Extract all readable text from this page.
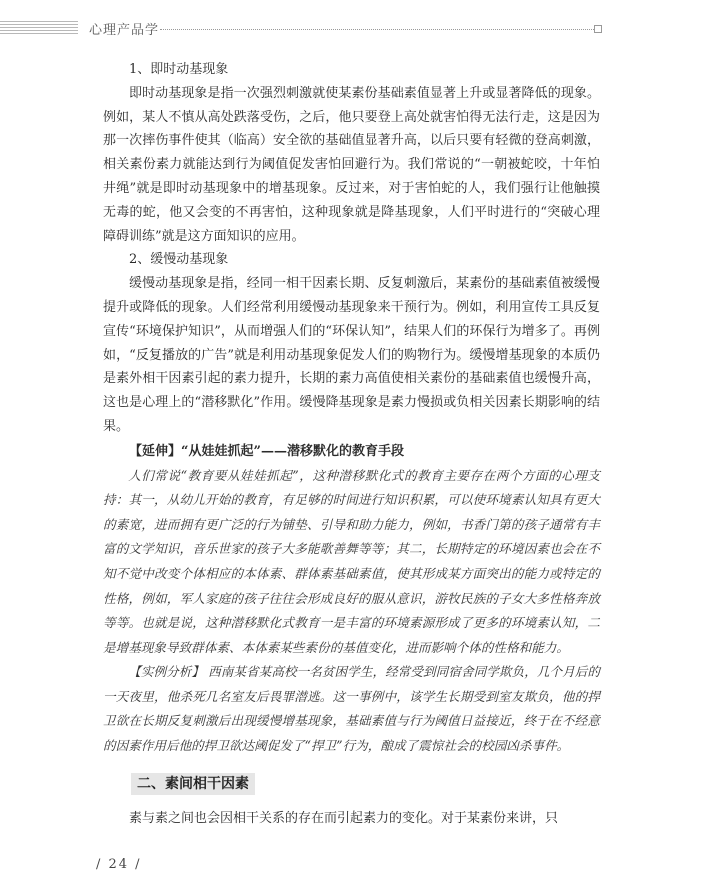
心理产品学

1、即时动基现象

即时动基现象是指一次强烈刺激就使某素份基础素值显著上升或显著降低的现象。例如，某人不慎从高处跌落受伤，之后，他只要登上高处就害怕得无法行走，这是因为那一次摔伤事件使其（临高）安全欲的基础值显著升高，以后只要有轻微的登高刺激，相关素份素力就能达到行为阈值促发害怕回避行为。我们常说的“一朝被蛇咬，十年怕井绳”就是即时动基现象中的增基现象。反过来，对于害怕蛇的人，我们强行让他触摸无毒的蛇，他又会变的不再害怕，这种现象就是降基现象，人们平时进行的“突破心理障碍训练”就是这方面知识的应用。

2、缓慢动基现象

缓慢动基现象是指，经同一相干因素长期、反复刺激后，某素份的基础素值被缓慢提升或降低的现象。人们经常利用缓慢动基现象来干预行为。例如，利用宣传工具反复宣传“环境保护知识”，从而增强人们的“环保认知”，结果人们的环保行为增多了。再例如，“反复播放的广告”就是利用动基现象促发人们的购物行为。缓慢增基现象的本质仍是素外相干因素引起的素力提升，长期的素力高值使相关素份的基础素值也缓慢升高，这也是心理上的“潜移默化”作用。缓慢降基现象是素力慢损或负相关因素长期影响的结果。

【延伸】“从娃娃抓起”——潜移默化的教育手段

人们常说“教育要从娃娃抓起”，这种潜移默化式的教育主要存在两个方面的心理支持：其一，从幼儿开始的教育，有足够的时间进行知识积累，可以使环境素认知具有更大的素宽，进而拥有更广泛的行为铺垫、引导和助力能力，例如，书香门第的孩子通常有丰富的文学知识，音乐世家的孩子大多能歌善舞等等；其二，长期特定的环境因素也会在不知不觉中改变个体相应的本体素、群体素基础素值，使其形成某方面突出的能力或特定的性格，例如，军人家庭的孩子往往会形成良好的服从意识，游牧民族的子女大多性格奔放等等。也就是说，这种潜移默化式教育一是丰富的环境素源形成了更多的环境素认知，二是增基现象导致群体素、本体素某些素份的基值变化，进而影响个体的性格和能力。

【实例分析】 西南某省某高校一名贫困学生，经常受到同宿舍同学欺负，几个月后的一天夜里，他杀死几名室友后畏罪潜逃。这一事例中，该学生长期受到室友欺负，他的捍卫欲在长期反复刺激后出现缓慢增基现象，基础素值与行为阈值日益接近，终于在不经意的因素作用后他的捍卫欲达阈促发了“捍卫”行为，酿成了震惊社会的校园凶杀事件。

二、素间相干因素

素与素之间也会因相干关系的存在而引起素力的变化。对于某素份来讲，只

/ 24 /
